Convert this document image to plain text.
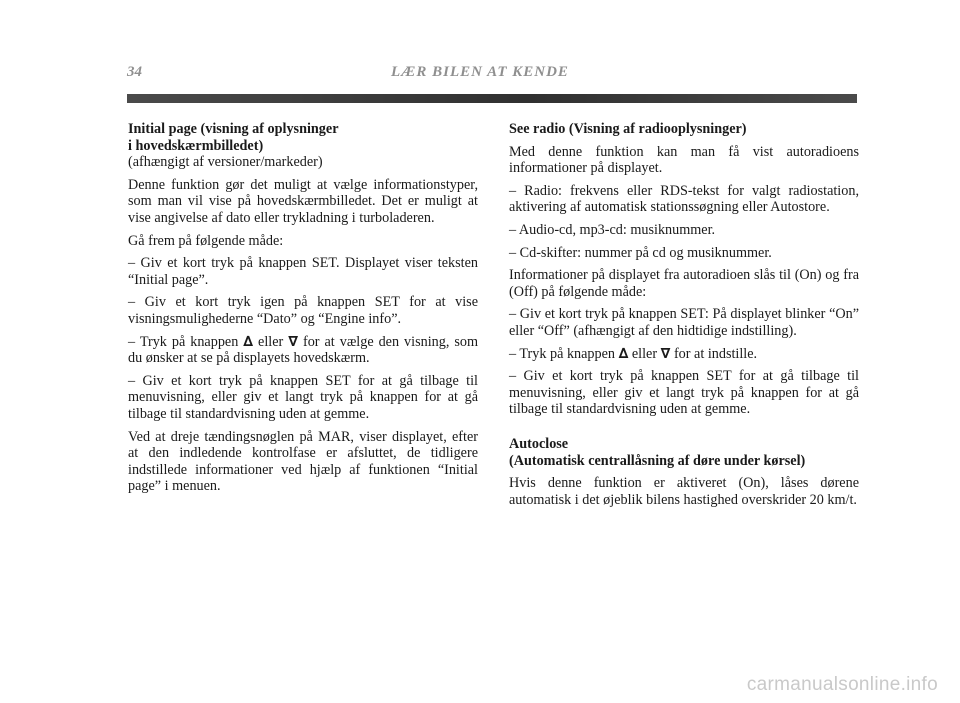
34	LÆR BILEN AT KENDE
Initial page (visning af oplysninger
i hovedskærmbilledet)
(afhængigt af versioner/markeder)

Denne funktion gør det muligt at vælge informationstyper, som man vil vise på hovedskærmbilledet. Det er muligt at vise angivelse af dato eller trykladning i turboladeren.

Gå frem på følgende måde:

– Giv et kort tryk på knappen SET. Displayet viser teksten “Initial page”.

– Giv et kort tryk igen på knappen SET for at vise visningsmulighederne “Dato” og “Engine info”.

– Tryk på knappen ∆ eller ∇ for at vælge den visning, som du ønsker at se på displayets hovedskærm.

– Giv et kort tryk på knappen SET for at gå tilbage til menuvisning, eller giv et langt tryk på knappen for at gå tilbage til standardvisning uden at gemme.

Ved at dreje tændingsnøglen på MAR, viser displayet, efter at den indledende kontrolfase er afsluttet, de tidligere indstillede informationer ved hjælp af funktionen “Initial page” i menuen.

See radio (Visning af radiooplysninger)

Med denne funktion kan man få vist autoradioens informationer på displayet.

– Radio: frekvens eller RDS-tekst for valgt radiostation, aktivering af automatisk stationssøgning eller Autostore.

– Audio-cd, mp3-cd: musiknummer.

– Cd-skifter: nummer på cd og musiknummer.

Informationer på displayet fra autoradioen slås til (On) og fra (Off) på følgende måde:

– Giv et kort tryk på knappen SET: På displayet blinker “On” eller “Off” (afhængigt af den hidtidige indstilling).

– Tryk på knappen ∆ eller ∇ for at indstille.

– Giv et kort tryk på knappen SET for at gå tilbage til menuvisning, eller giv et langt tryk på knappen for at gå tilbage til standardvisning uden at gemme.

Autoclose
(Automatisk centrallåsning af døre under kørsel)

Hvis denne funktion er aktiveret (On), låses dørene automatisk i det øjeblik bilens hastighed overskrider 20 km/t.

carmanualsonline.info
